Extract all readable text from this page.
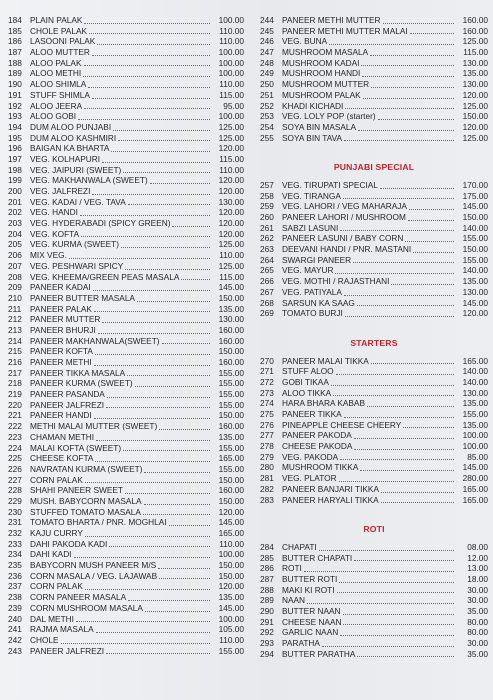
184 PLAIN PALAK	100.00
185 CHOLE PALAK	110.00
186 LASOONI PALAK	110.00
187 ALOO MUTTER	100.00
188 ALOO PALAK	100.00
189 ALOO METHI	100.00
190 ALOO SHIMLA	110.00
191 STUFF SHIMLA	115.00
192 ALOO JEERA	95.00
193 ALOO GOBI	100.00
194 DUM ALOO PUNJABI	125.00
195 DUM ALOO KASHMIRI	125.00
196 BAIGAN KA BHARTA	120.00
197 VEG. KOLHAPURI	115.00
198 VEG. JAIPURI (SWEET)	110.00
199 VEG. MAKHANWALA (SWEET)	120.00
200 VEG. JALFREZI	120.00
201 VEG. KADAI / VEG. TAVA	130.00
202 VEG. HANDI	120.00
203 VEG. HYDERABADI (SPICY GREEN)	120.00
204 VEG. KOFTA	120.00
205 VEG. KURMA (SWEET)	125.00
206 MIX VEG.	110.00
207 VEG. PESHWARI SPICY	125.00
208 VEG. KHEEMA/GREEN PEAS MASALA	115.00
209 PANEER KADAI	145.00
210 PANEER BUTTER MASALA	150.00
211	PANEER PALAK	135.00
212 PANEER MUTTER	130.00
213 PANEER BHURJI	160.00
214 PANEER MAKHANWALA(SWEET)	160.00
215 PANEER KOFTA	150.00
216 PANEER METHI	160.00
217 PANEER TIKKA MASALA	155.00
218 PANEER KURMA (SWEET)	155.00
219 PANEER PASANDA	155.00
220 PANEER JALFREZI	155.00
221 PANEER HANDI	150.00
222 METHI MALAI MUTTER (SWEET)	160.00
223 CHAMAN METHI	135.00
224 MALAI KOFTA (SWEET)	155.00
225 CHEESE KOFTA	165.00
226 NAVRATAN KURMA (SWEET)	155.00
227 CORN PALAK	150.00
228 SHAHI PANEER SWEET	160.00
229 MUSH. BABYCORN MASALA	150.00
230 STUFFED TOMATO MASALA	120.00
231 TOMATO BHARTA / PNR. MOGHLAI	145.00
232 KAJU CURRY	165.00
233 DAHI PAKODA KADI	110.00
234 DAHI KADI	100.00
235 BABYCORN MUSH PANEER M/S	150.00
236 CORN MASALA / VEG. LAJAWAB	150.00
237 CORN PALAK	120.00
238 CORN PANEER MASALA	135.00
239 CORN MUSHROOM MASALA	145.00
240 DAL METHI	100.00
241 RAJMA MASALA	105.00
242 CHOLE	110.00
243 PANEER JALFREZI	155.00
244 PANEER METHI MUTTER	160.00
245 PANEER METHI MUTTER MALAI	160.00
246 VEG. BUNA	125.00
247 MUSHROOM MASALA	115.00
248 MUSHROOM KADAI	130.00
249 MUSHROOM HANDI	135.00
250 MUSHROOM MUTTER	130.00
251 MUSHROOM PALAK	120.00
252 KHADI KICHADI	125.00
253 VEG. LOLY POP (starter)	150.00
254 SOYA BIN MASALA	120.00
255 SOYA BIN TAVA	125.00
PUNJABI SPECIAL
257 VEG. TIRUPATI SPECIAL	170.00
258 VEG. TIRANGA	175.00
259 VEG. LAHORI / VEG MAHARAJA	145.00
260 PANEER LAHORI / MUSHROOM	150.00
261 SABZI LASUNI	140.00
262 PANEER LASUNI / BABY CORN	155.00
263 DEEVANI HANDI / PNR. MASTANI	150.00
264 SWARGI PANEER	155.00
265 VEG. MAYUR	140.00
266 VEG. MOTHI / RAJASTHANI	135.00
267 VEG. PATIYALA	130.00
268 SARSUN KA SAAG	145.00
269 TOMATO BURJI	120.00
STARTERS
270 PANEER MALAI TIKKA	165.00
271 STUFF ALOO	140.00
272 GOBI TIKAA	140.00
273 ALOO TIKKA	130.00
274 HARA BHARA KABAB	135.00
275 PANEER TIKKA	155.00
276 PINEAPPLE CHEESE CHEERY	135.00
277 PANEER PAKODA	100.00
278 CHEESE PAKODA	100.00
279 VEG. PAKODA	85.00
280 MUSHROOM TIKKA	145.00
281 VEG. PLATOR	280.00
282 PANEER BANJARI TIKKA	165.00
283 PANEER HARYALI TIKKA	165.00
ROTI
284 CHAPATI	08.00
285 BUTTER CHAPATI	12.00
286 ROTI	13.00
287 BUTTER ROTI	18.00
288 MAKI KI ROTI	30.00
289 NAAN	30.00
290 BUTTER NAAN	35.00
291 CHEESE NAAN	80.00
292 GARLIC NAAN	80.00
293 PARATHA	30.00
294 BUTTER PARATHA	35.00
